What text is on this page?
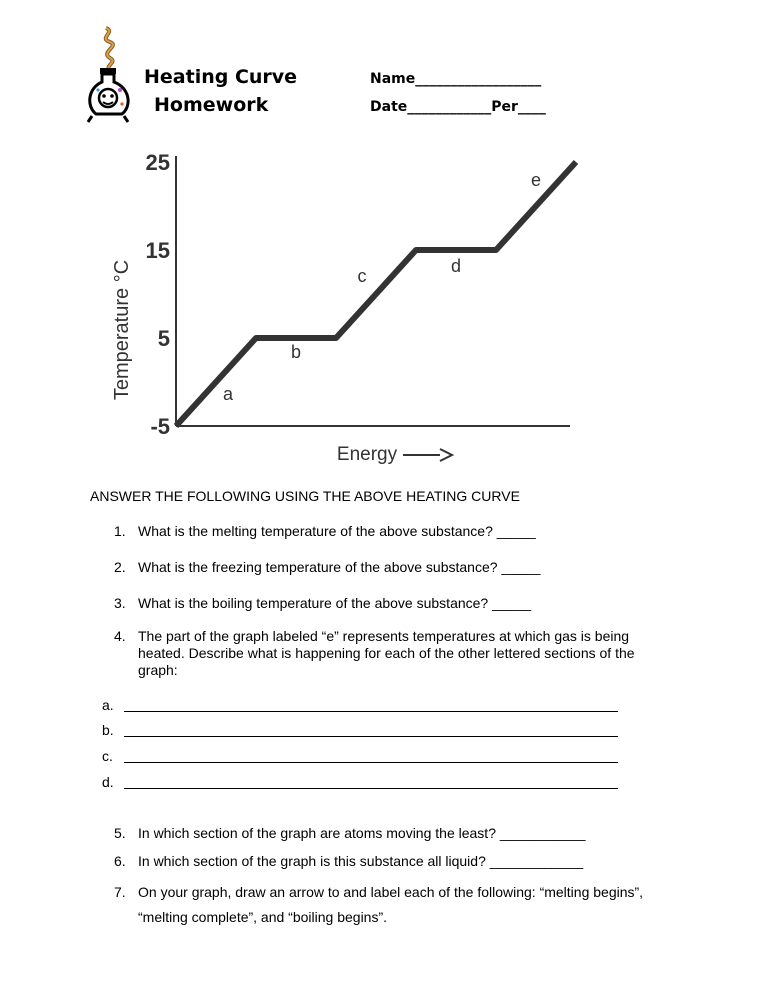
Heating Curve
Homework
Name__________________
Date____________Per____
25
15
5
-5
a
b
c	d
e
Temperature °C
Energy
ANSWER THE FOLLOWING USING THE ABOVE HEATING CURVE
1. What is the melting temperature of the above substance? _____
2. What is the freezing temperature of the above substance? _____
3. What is the boiling temperature of the above substance? _____
4. The part of the graph labeled “e” represents temperatures at which gas is being heated. Describe what is happening for each of the other lettered sections of the graph:
a.
b.
c.
d.
5. In which section of the graph are atoms moving the least? ___________
6. In which section of the graph is this substance all liquid? ____________
7. On your graph, draw an arrow to and label each of the following: “melting begins”, “melting complete”, and “boiling begins”.
